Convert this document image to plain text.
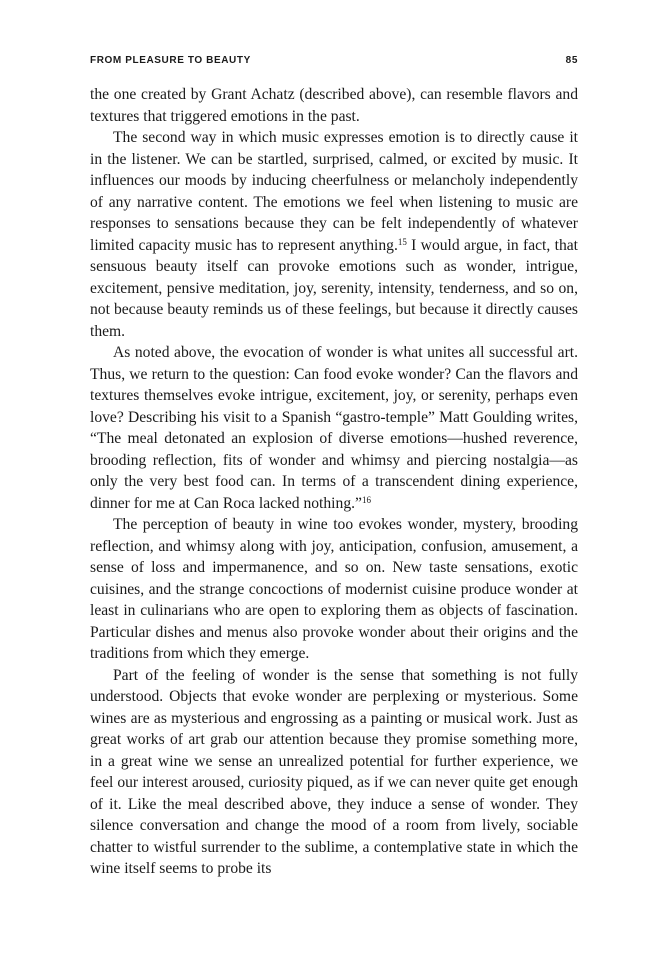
FROM PLEASURE TO BEAUTY	85

the one created by Grant Achatz (described above), can resemble flavors and textures that triggered emotions in the past.

The second way in which music expresses emotion is to directly cause it in the listener. We can be startled, surprised, calmed, or excited by music. It influences our moods by inducing cheerfulness or melancholy independently of any narrative content. The emotions we feel when listening to music are responses to sensations because they can be felt independently of whatever limited capacity music has to represent anything.$^{15}$ I would argue, in fact, that sensuous beauty itself can provoke emotions such as wonder, intrigue, excitement, pensive meditation, joy, serenity, intensity, tenderness, and so on, not because beauty reminds us of these feelings, but because it directly causes them.

As noted above, the evocation of wonder is what unites all successful art. Thus, we return to the question: Can food evoke wonder? Can the flavors and textures themselves evoke intrigue, excitement, joy, or serenity, perhaps even love? Describing his visit to a Spanish “gastro-temple” Matt Goulding writes, “The meal detonated an explosion of diverse emotions—hushed reverence, brooding reflection, fits of wonder and whimsy and piercing nostalgia—as only the very best food can. In terms of a transcendent dining experience, dinner for me at Can Roca lacked nothing.”$^{16}$

The perception of beauty in wine too evokes wonder, mystery, brooding reflection, and whimsy along with joy, anticipation, confusion, amusement, a sense of loss and impermanence, and so on. New taste sensations, exotic cuisines, and the strange concoctions of modernist cuisine produce wonder at least in culinarians who are open to exploring them as objects of fascination. Particular dishes and menus also provoke wonder about their origins and the traditions from which they emerge.

Part of the feeling of wonder is the sense that something is not fully understood. Objects that evoke wonder are perplexing or mysterious. Some wines are as mysterious and engrossing as a painting or musical work. Just as great works of art grab our attention because they promise something more, in a great wine we sense an unrealized potential for further experience, we feel our interest aroused, curiosity piqued, as if we can never quite get enough of it. Like the meal described above, they induce a sense of wonder. They silence conversation and change the mood of a room from lively, sociable chatter to wistful surrender to the sublime, a contemplative state in which the wine itself seems to probe its
